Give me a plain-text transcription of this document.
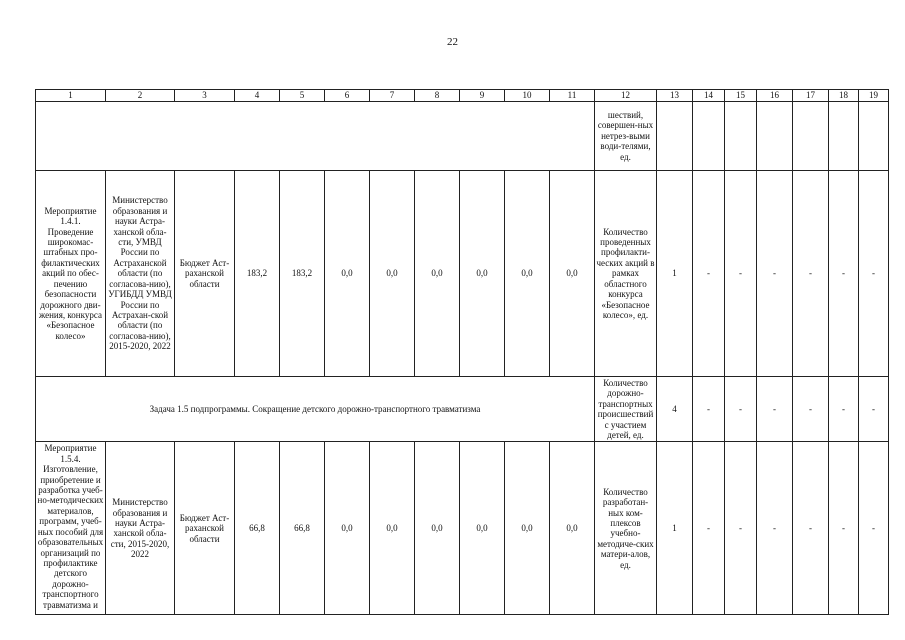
22
1	2	3	4	5	6	7	8	9	10	11	12	13	14	15	16	17	18	19
											шествий, совершен-ных нетрез-выми води-телями, ед.							
Мероприятие 1.4.1. Проведение широкомас-штабных про-филактических акций по обес-печению безопасности дорожного дви-жения, конкурса «Безопасное колесо»	Министерство образования и науки Астра-ханской обла-сти, УМВД России по Астраханской области (по согласова-нию), УГИБДД УМВД России по Астрахан-ской области (по согласова-нию), 2015-2020, 2022	Бюджет Аст-раханской области	183,2	183,2	0,0	0,0	0,0	0,0	0,0	0,0	Количество проведенных профилакти-ческих акций в рамках областного конкурса «Безопасное колесо», ед.	1	-	-	-	-	-	-
Задача 1.5 подпрограммы. Сокращение детского дорожно-транспортного травматизма											Количество дорожно-транспортных происшествий с участием детей, ед.	4	-	-	-	-	-	-
Мероприятие 1.5.4. Изготовление, приобретение и разработка учеб-но-методических материалов, программ, учеб-ных пособий для образовательных организаций по профилактике детского дорожно-транспортного травматизма и	Министерство образования и науки Астра-ханской обла-сти, 2015-2020, 2022	Бюджет Аст-раханской области	66,8	66,8	0,0	0,0	0,0	0,0	0,0	0,0	Количество разработан-ных ком-плексов учебно-методиче-ских матери-алов, ед.	1	-	-	-	-	-	-
